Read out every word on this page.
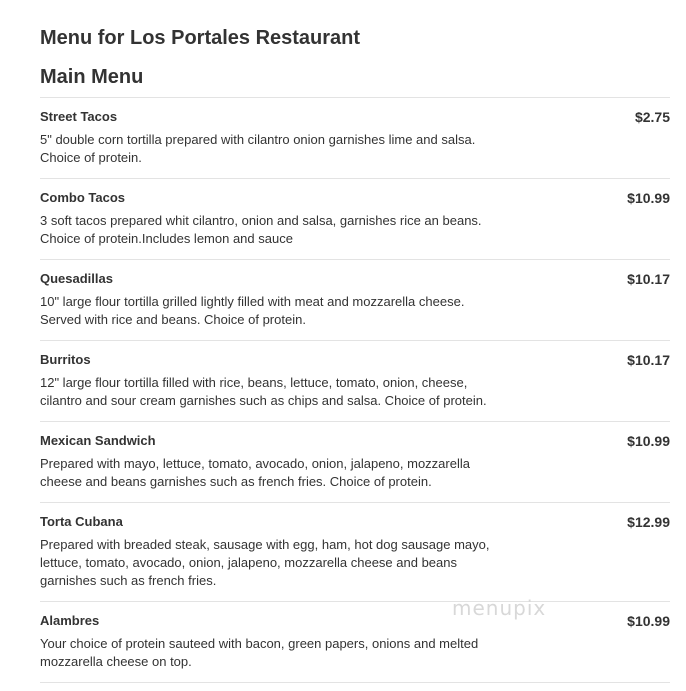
Menu for Los Portales Restaurant
Main Menu
Street Tacos	$2.75
5" double corn tortilla prepared with cilantro onion garnishes lime and salsa.
Choice of protein.
Combo Tacos	$10.99
3 soft tacos prepared whit cilantro, onion and salsa, garnishes rice an beans.
Choice of protein.Includes lemon and sauce
Quesadillas	$10.17
10" large flour tortilla grilled lightly filled with meat and mozzarella cheese.
Served with rice and beans. Choice of protein.
Burritos	$10.17
12" large flour tortilla filled with rice, beans, lettuce, tomato, onion, cheese,
cilantro and sour cream garnishes such as chips and salsa. Choice of protein.
Mexican Sandwich	$10.99
Prepared with mayo, lettuce, tomato, avocado, onion, jalapeno, mozzarella
cheese and beans garnishes such as french fries. Choice of protein.
Torta Cubana	$12.99
Prepared with breaded steak, sausage with egg, ham, hot dog sausage mayo,
lettuce, tomato, avocado, onion, jalapeno, mozzarella cheese and beans
garnishes such as french fries.
Alambres	$10.99
Your choice of protein sauteed with bacon, green papers, onions and melted
mozzarella cheese on top.
menupix
